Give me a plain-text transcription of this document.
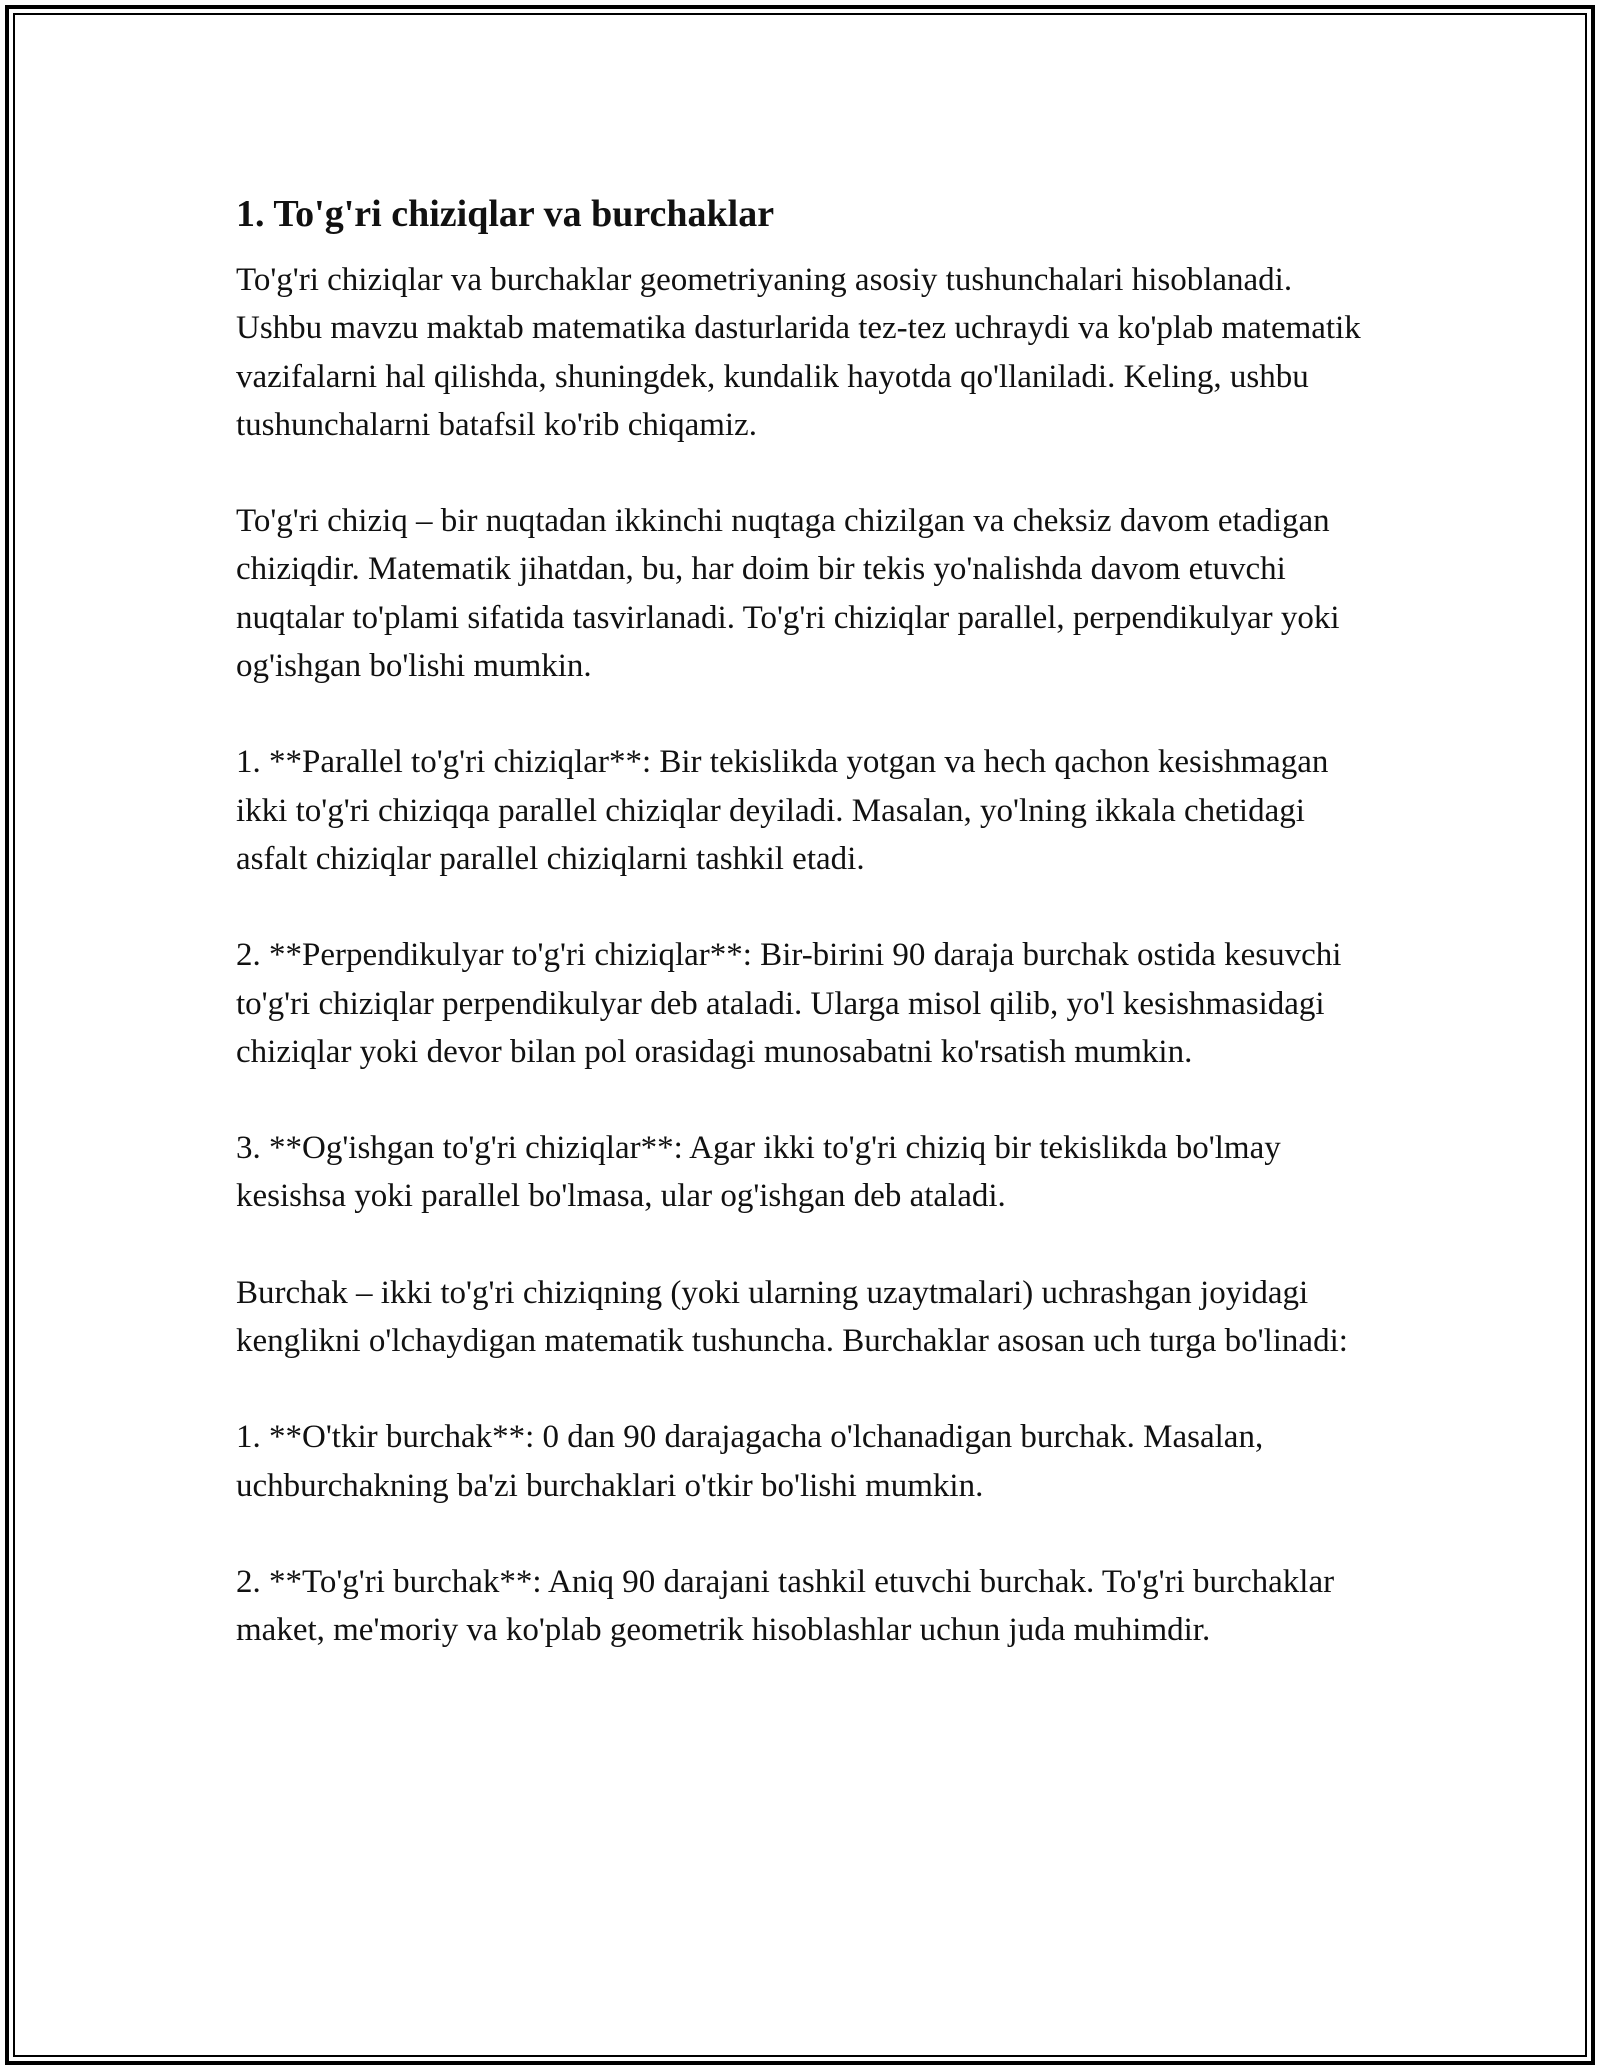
1. To'g'ri chiziqlar va burchaklar

To'g'ri chiziqlar va burchaklar geometriyaning asosiy tushunchalari hisoblanadi. Ushbu mavzu maktab matematika dasturlarida tez-tez uchraydi va ko'plab matematik vazifalarni hal qilishda, shuningdek, kundalik hayotda qo'llaniladi. Keling, ushbu tushunchalarni batafsil ko'rib chiqamiz.

To'g'ri chiziq – bir nuqtadan ikkinchi nuqtaga chizilgan va cheksiz davom etadigan chiziqdir. Matematik jihatdan, bu, har doim bir tekis yo'nalishda davom etuvchi nuqtalar to'plami sifatida tasvirlanadi. To'g'ri chiziqlar parallel, perpendikulyar yoki og'ishgan bo'lishi mumkin.

1. **Parallel to'g'ri chiziqlar**: Bir tekislikda yotgan va hech qachon kesishmagan ikki to'g'ri chiziqqa parallel chiziqlar deyiladi. Masalan, yo'lning ikkala chetidagi asfalt chiziqlar parallel chiziqlarni tashkil etadi.

2. **Perpendikulyar to'g'ri chiziqlar**: Bir-birini 90 daraja burchak ostida kesuvchi to'g'ri chiziqlar perpendikulyar deb ataladi. Ularga misol qilib, yo'l kesishmasidagi chiziqlar yoki devor bilan pol orasidagi munosabatni ko'rsatish mumkin.

3. **Og'ishgan to'g'ri chiziqlar**: Agar ikki to'g'ri chiziq bir tekislikda bo'lmay kesishsa yoki parallel bo'lmasa, ular og'ishgan deb ataladi.

Burchak – ikki to'g'ri chiziqning (yoki ularning uzaytmalari) uchrashgan joyidagi kenglikni o'lchaydigan matematik tushuncha. Burchaklar asosan uch turga bo'linadi:

1. **O'tkir burchak**: 0 dan 90 darajagacha o'lchanadigan burchak. Masalan, uchburchakning ba'zi burchaklari o'tkir bo'lishi mumkin.

2. **To'g'ri burchak**: Aniq 90 darajani tashkil etuvchi burchak. To'g'ri burchaklar maket, me'moriy va ko'plab geometrik hisoblashlar uchun juda muhimdir.
